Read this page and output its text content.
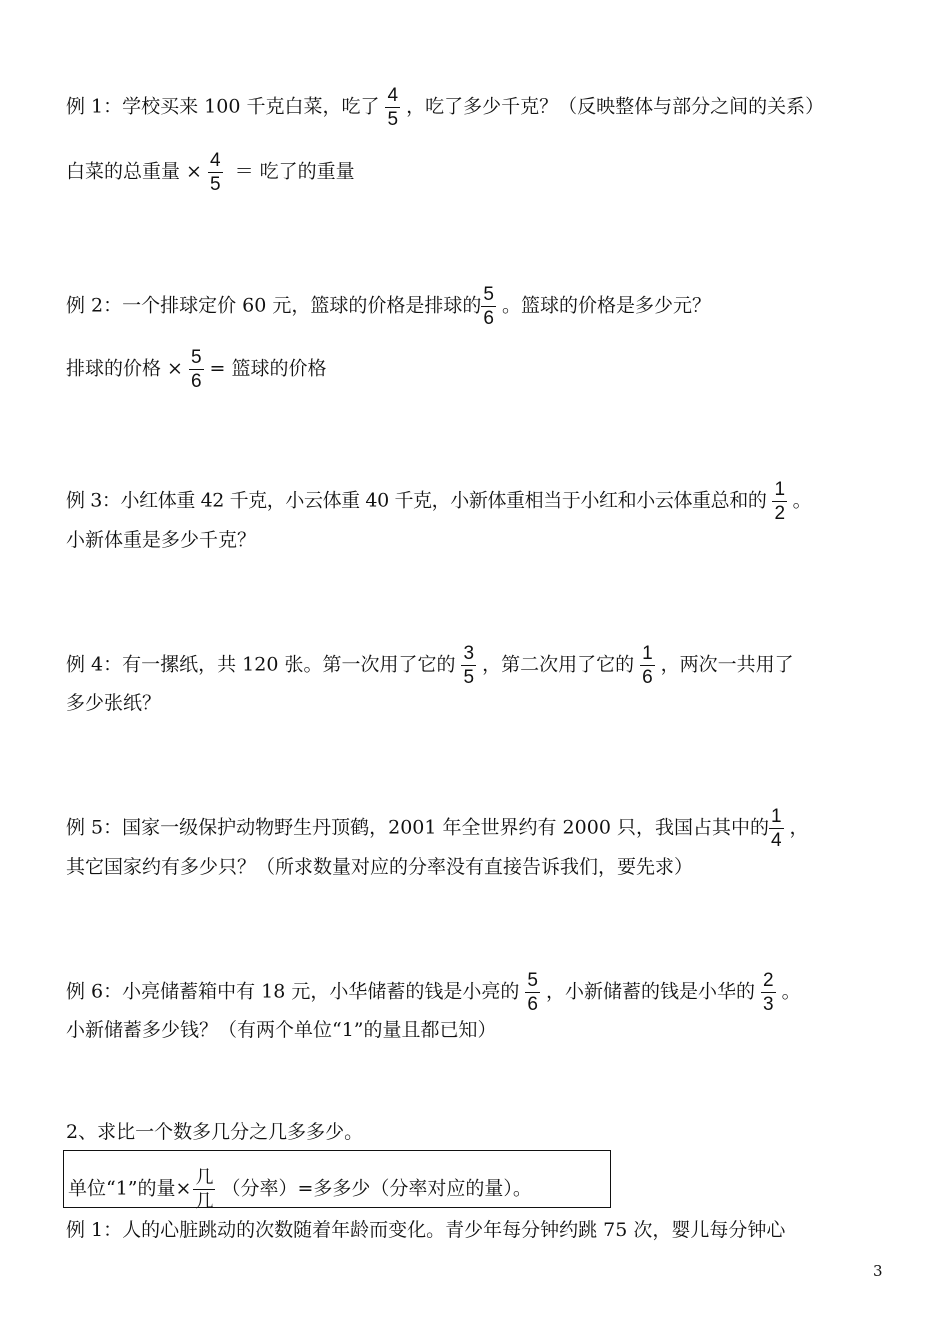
例 1：学校买来 100 千克白菜，吃了 $\frac{4}{5}$ ，吃了多少千克？（反映整体与部分之间的关系）
白菜的总重量 × $\frac{4}{5}$ ＝ 吃了的重量
例 2：一个排球定价 60 元，篮球的价格是排球的 $\frac{5}{6}$ 。篮球的价格是多少元？
排球的价格 × $\frac{5}{6}$ = 篮球的价格
例 3：小红体重 42 千克，小云体重 40 千克，小新体重相当于小红和小云体重总和的 $\frac{1}{2}$ 。
小新体重是多少千克？
例 4：有一摞纸，共 120 张。第一次用了它的 $\frac{3}{5}$ ，第二次用了它的 $\frac{1}{6}$ ，两次一共用了
多少张纸？
例 5：国家一级保护动物野生丹顶鹤，2001 年全世界约有 2000 只，我国占其中的 $\frac{1}{4}$ ，
其它国家约有多少只？（所求数量对应的分率没有直接告诉我们，要先求）
例 6：小亮储蓄箱中有 18 元，小华储蓄的钱是小亮的 $\frac{5}{6}$ ，小新储蓄的钱是小华的 $\frac{2}{3}$ 。
小新储蓄多少钱？（有两个单位“1”的量且都已知）
2、求比一个数多几分之几多多少。
单位“1”的量× 几
几
（分率）=多多少（分率对应的量）。
例 1：人的心脏跳动的次数随着年龄而变化。青少年每分钟约跳 75 次，婴儿每分钟心
3
